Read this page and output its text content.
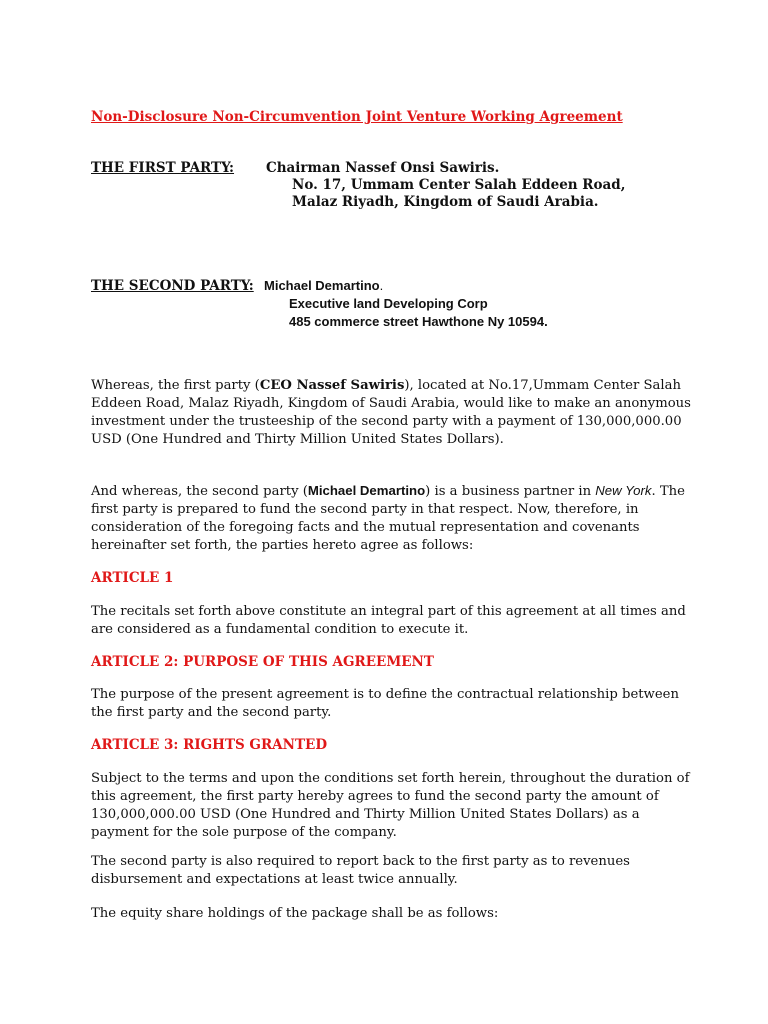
Non-Disclosure Non-Circumvention Joint Venture Working Agreement

THE FIRST PARTY: Chairman Nassef Onsi Sawiris.

No. 17, Ummam Center Salah Eddeen Road,

Malaz Riyadh, Kingdom of Saudi Arabia.

THE SECOND PARTY: Michael Demartino.

Executive land Developing Corp

485 commerce street Hawthone Ny 10594.

Whereas, the first party (CEO Nassef Sawiris), located at No.17,Ummam Center Salah Eddeen Road, Malaz Riyadh, Kingdom of Saudi Arabia, would like to make an anonymous investment under the trusteeship of the second party with a payment of 130,000,000.00 USD (One Hundred and Thirty Million United States Dollars).

And whereas, the second party (Michael Demartino) is a business partner in New York. The first party is prepared to fund the second party in that respect. Now, therefore, in consideration of the foregoing facts and the mutual representation and covenants hereinafter set forth, the parties hereto agree as follows:

ARTICLE 1

The recitals set forth above constitute an integral part of this agreement at all times and are considered as a fundamental condition to execute it.

ARTICLE 2: PURPOSE OF THIS AGREEMENT

The purpose of the present agreement is to define the contractual relationship between the first party and the second party.

ARTICLE 3: RIGHTS GRANTED

Subject to the terms and upon the conditions set forth herein, throughout the duration of this agreement, the first party hereby agrees to fund the second party the amount of 130,000,000.00 USD (One Hundred and Thirty Million United States Dollars) as a payment for the sole purpose of the company.

The second party is also required to report back to the first party as to revenues disbursement and expectations at least twice annually.

The equity share holdings of the package shall be as follows:
